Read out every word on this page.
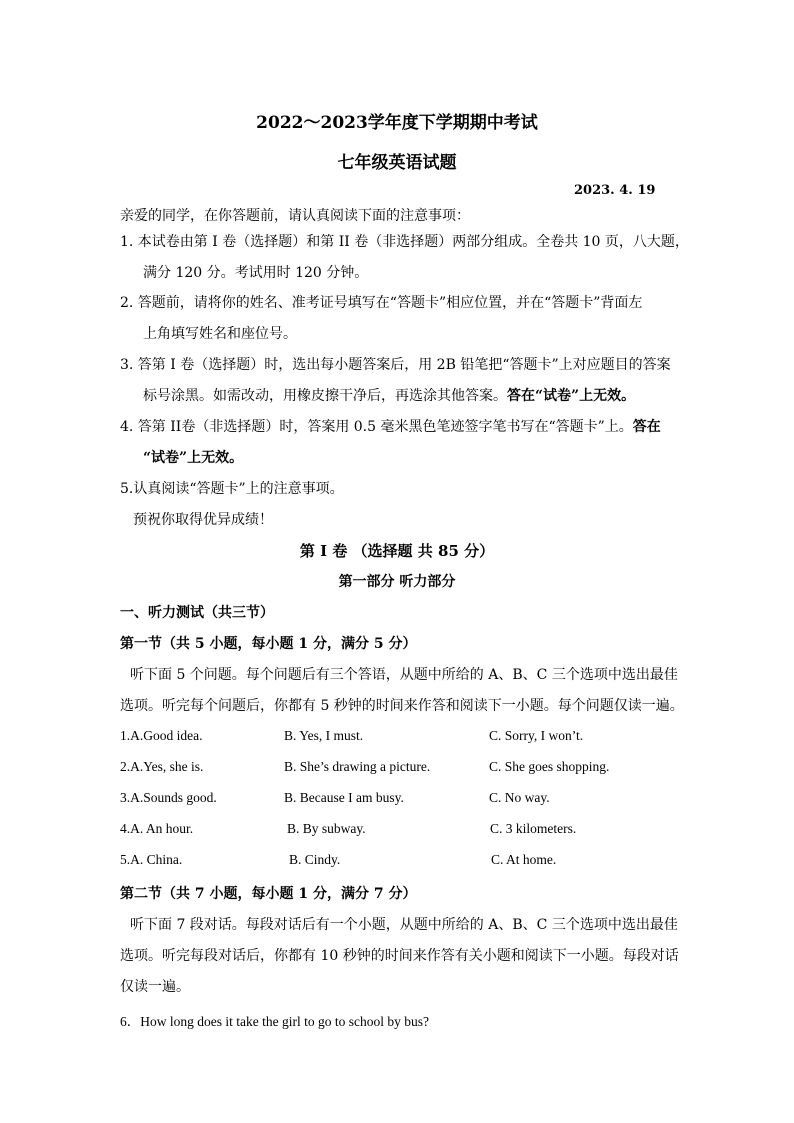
2022～2023学年度下学期期中考试
七年级英语试题
2023. 4. 19
亲爱的同学，在你答题前，请认真阅读下面的注意事项：
1. 本试卷由第 I 卷（选择题）和第 II 卷（非选择题）两部分组成。全卷共 10 页，八大题，
满分 120 分。考试用时 120 分钟。
2. 答题前，请将你的姓名、准考证号填写在“答题卡”相应位置，并在“答题卡”背面左
上角填写姓名和座位号。
3. 答第 I 卷（选择题）时，选出每小题答案后，用 2B 铅笔把“答题卡”上对应题目的答案
标号涂黑。如需改动，用橡皮擦干净后，再选涂其他答案。答在“试卷”上无效。
4. 答第 II卷（非选择题）时，答案用 0.5 毫米黑色笔迹签字笔书写在“答题卡”上。答在
“试卷”上无效。
5.认真阅读“答题卡”上的注意事项。
预祝你取得优异成绩！
第 I 卷 （选择题 共 85 分）
第一部分 听力部分
一、听力测试（共三节）
第一节（共 5 小题，每小题 1 分，满分 5 分）
听下面 5 个问题。每个问题后有三个答语，从题中所给的 A、B、C 三个选项中选出最佳
选项。听完每个问题后，你都有 5 秒钟的时间来作答和阅读下一小题。每个问题仅读一遍。
1.A.Good idea.	B. Yes, I must.	C. Sorry, I won’t.
2.A.Yes, she is.	B. She’s drawing a picture.	C. She goes shopping.
3.A.Sounds good.	B. Because I am busy.	C. No way.
4.A. An hour.	B. By subway.	C. 3 kilometers.
5.A. China.	B. Cindy.	C. At home.
第二节（共 7 小题，每小题 1 分，满分 7 分）
听下面 7 段对话。每段对话后有一个小题，从题中所给的 A、B、C 三个选项中选出最佳
选项。听完每段对话后，你都有 10 秒钟的时间来作答有关小题和阅读下一小题。每段对话
仅读一遍。
6．How long does it take the girl to go to school by bus?
